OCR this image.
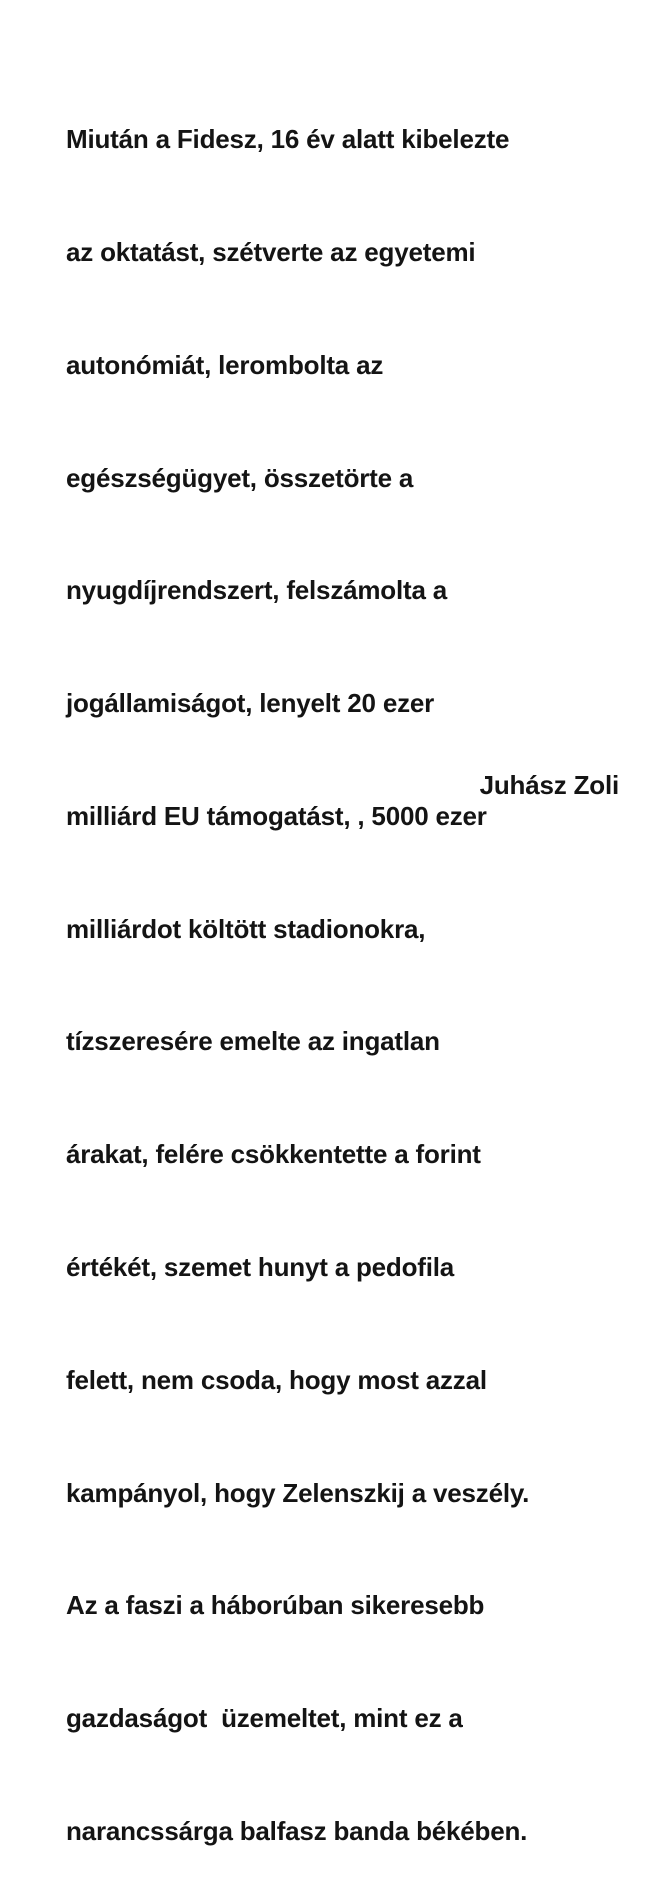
Miután a Fidesz, 16 év alatt kibelezte

az oktatást, szétverte az egyetemi

autonómiát, lerombolta az

egészségügyet, összetörte a

nyugdíjrendszert, felszámolta a

jogállamiságot, lenyelt 20 ezer

milliárd EU támogatást, , 5000 ezer

milliárdot költött stadionokra,

tízszeresére emelte az ingatlan

árakat, felére csökkentette a forint

értékét, szemet hunyt a pedofila

felett, nem csoda, hogy most azzal

kampányol, hogy Zelenszkij a veszély.

Az a faszi a háborúban sikeresebb

gazdaságot  üzemeltet, mint ez a

narancssárga balfasz banda békében.

Juhász Zoli
